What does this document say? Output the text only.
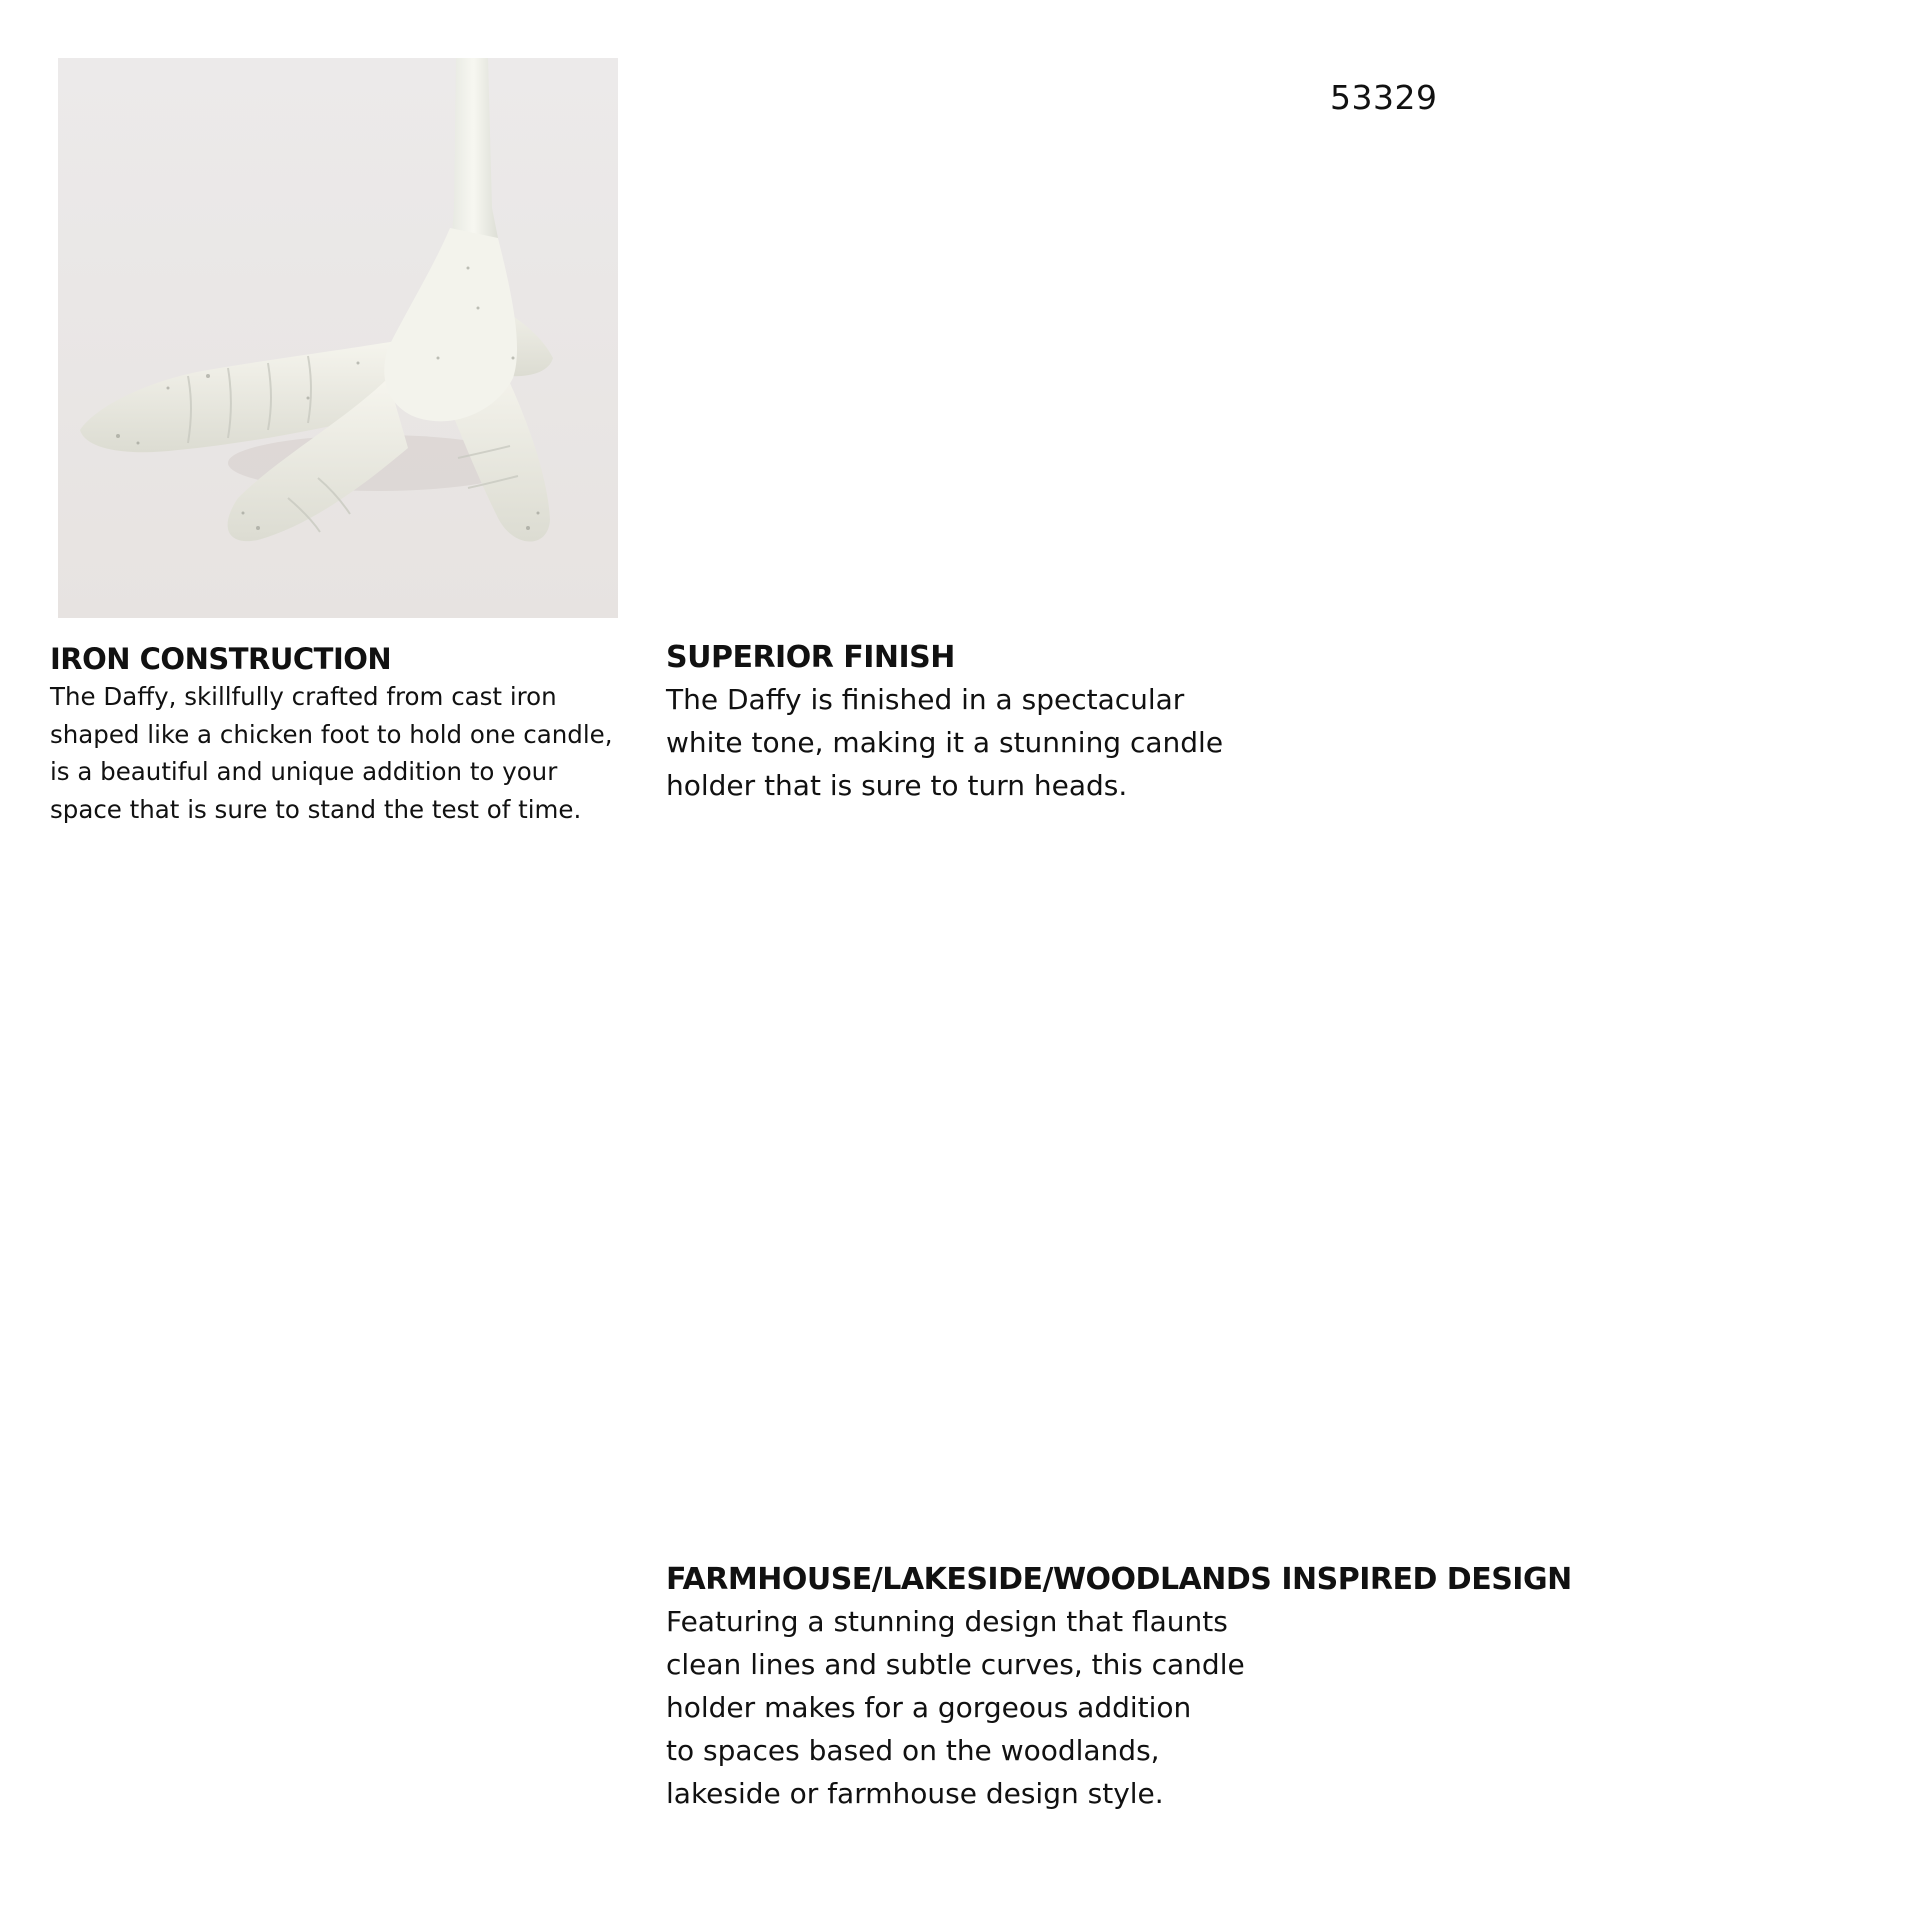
53329

IRON CONSTRUCTION

The Daffy, skillfully crafted from cast iron
shaped like a chicken foot to hold one candle,
is a beautiful and unique addition to your
space that is sure to stand the test of time.

SUPERIOR FINISH

The Daffy is finished in a spectacular
white tone, making it a stunning candle
holder that is sure to turn heads.

FARMHOUSE/LAKESIDE/WOODLANDS INSPIRED DESIGN

Featuring a stunning design that flaunts
clean lines and subtle curves, this candle
holder makes for a gorgeous addition
to spaces based on the woodlands,
lakeside or farmhouse design style.
